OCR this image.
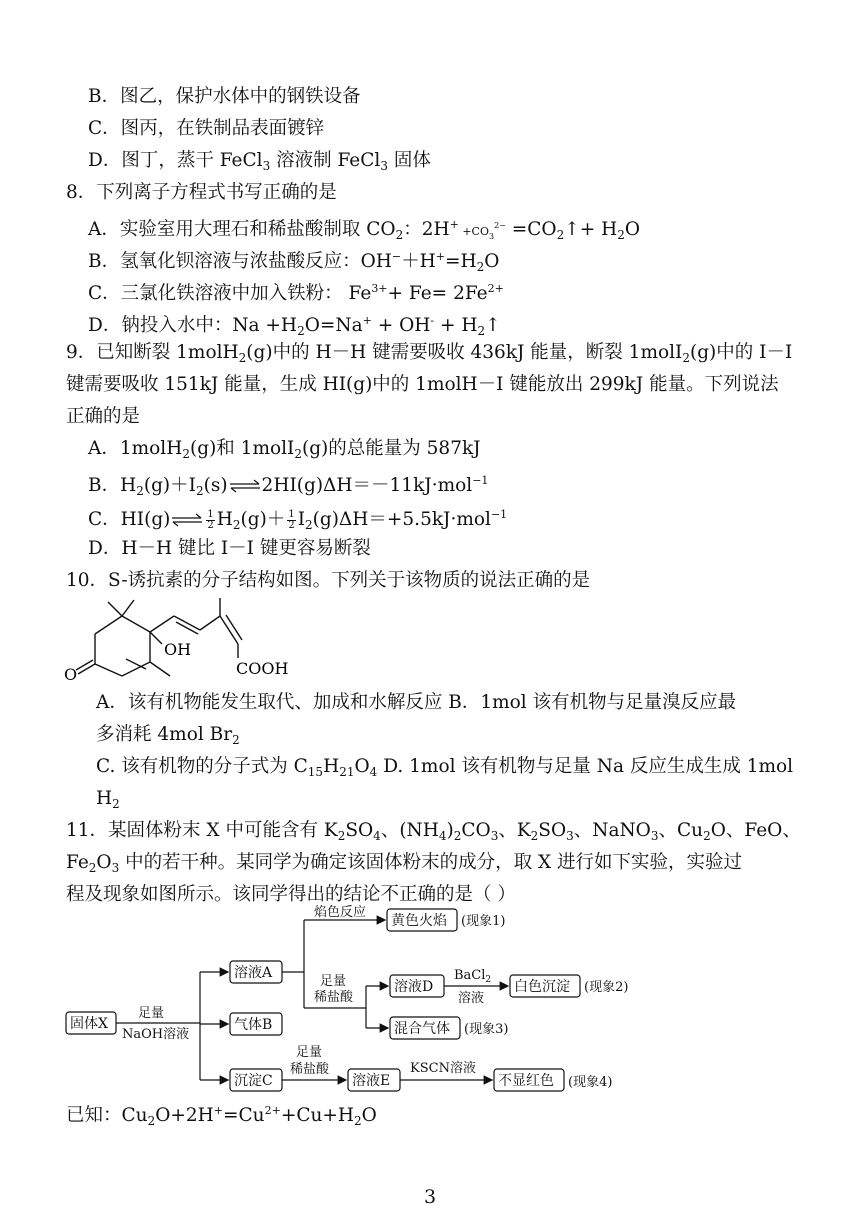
B．图乙，保护水体中的钢铁设备
C．图丙，在铁制品表面镀锌
D．图丁，蒸干 FeCl$_3$ 溶液制 FeCl$_3$ 固体
8．下列离子方程式书写正确的是
A．实验室用大理石和稀盐酸制取 $CO_2$：$2H^+ +CO_3^{2-}$ $=CO_2↑+ H_2O$
B．氢氧化钡溶液与浓盐酸反应：$OH^-+H^+=H_2O$
C．三氯化铁溶液中加入铁粉： $Fe^{3+}+ Fe= 2Fe^{2+}$
D．钠投入水中：$Na +H_2O=Na^+ + OH^-$ + $H_2↑$
9．已知断裂 1molH$_2$(g)中的 H－H 键需要吸收 436kJ 能量，断裂 1molI$_2$(g)中的 I－I
键需要吸收 151kJ 能量，生成 HI(g)中的 1molH－I 键能放出 299kJ 能量。下列说法
正确的是
A．1molH$_2$(g)和 1molI$_2$(g)的总能量为 587kJ
B．$H_2(g)+I_2(s)\rightleftharpoons 2HI(g)\Delta H=-11kJ\cdot mol^{-1}$
C．HI(g)⇌ $\frac{1}{2} H_2(g)+ \frac{1}{2} I_2(g)\Delta H=+5.5kJ\cdot mol^{-1}$
D．H－H 键比 I－I 键更容易断裂
10．S-诱抗素的分子结构如图。下列关于该物质的说法正确的是
OH
O	COOH
A．该有机物能发生取代、加成和水解反应 B．1mol 该有机物与足量溴反应最
多消耗 4mol $Br_2$
C. 该有机物的分子式为 $C_{15}H_{21}O_4$ D. 1mol 该有机物与足量 Na 反应生成生成 1mol
$H_2$
11．某固体粉末 X 中可能含有 $K_2SO_4$、$(NH_4)_2CO_3$、$K_2SO_3$、NaNO$_3$、$Cu_2O$、FeO、
$Fe_2O_3$ 中的若干种。某同学为确定该固体粉末的成分，取 X 进行如下实验，实验过
程及现象如图所示。该同学得出的结论不正确的是（ ）
固体X
足量
NaOH溶液
溶液A
气体B
沉淀C
焰色反应
黄色火焰 (现象1)
足量
稀盐酸
溶液D
BaCl$_2$
溶液
白色沉淀 (现象2)
混合气体 (现象3)
足量
稀盐酸
溶液E
KSCN溶液
不显红色 (现象4)
已知：$Cu_2O+2H^+=Cu^{2+}+Cu+H_2O$
3
